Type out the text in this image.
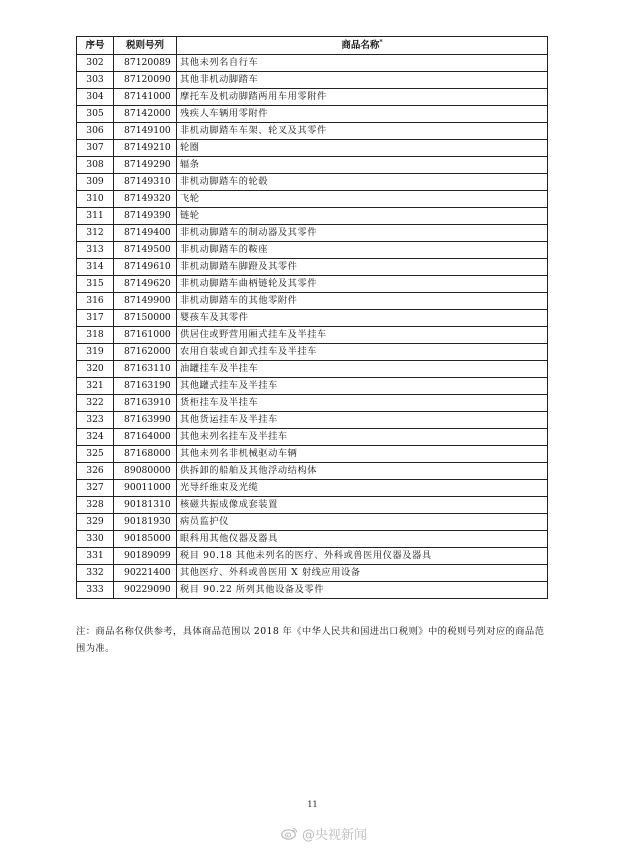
序号	税则号列	商品名称*
302	87120089	其他未列名自行车
303	87120090	其他非机动脚踏车
304	87141000	摩托车及机动脚踏两用车用零附件
305	87142000	残疾人车辆用零附件
306	87149100	非机动脚踏车车架、轮叉及其零件
307	87149210	轮圈
308	87149290	辐条
309	87149310	非机动脚踏车的轮毂
310	87149320	飞轮
311	87149390	链轮
312	87149400	非机动脚踏车的制动器及其零件
313	87149500	非机动脚踏车的鞍座
314	87149610	非机动脚踏车脚蹬及其零件
315	87149620	非机动脚踏车曲柄链轮及其零件
316	87149900	非机动脚踏车的其他零附件
317	87150000	婴孩车及其零件
318	87161000	供居住或野营用厢式挂车及半挂车
319	87162000	农用自装或自卸式挂车及半挂车
320	87163110	油罐挂车及半挂车
321	87163190	其他罐式挂车及半挂车
322	87163910	货柜挂车及半挂车
323	87163990	其他货运挂车及半挂车
324	87164000	其他未列名挂车及半挂车
325	87168000	其他未列名非机械驱动车辆
326	89080000	供拆卸的船舶及其他浮动结构体
327	90011000	光导纤维束及光缆
328	90181310	核磁共振成像成套装置
329	90181930	病员监护仪
330	90185000	眼科用其他仪器及器具
331	90189099	税目 90.18 其他未列名的医疗、外科或兽医用仪器及器具
332	90221400	其他医疗、外科或兽医用 X 射线应用设备
333	90229090	税目 90.22 所列其他设备及零件

注：商品名称仅供参考，具体商品范围以 2018 年《中华人民共和国进出口税则》中的税则号列对应的商品范围为准。

11
@央视新闻
